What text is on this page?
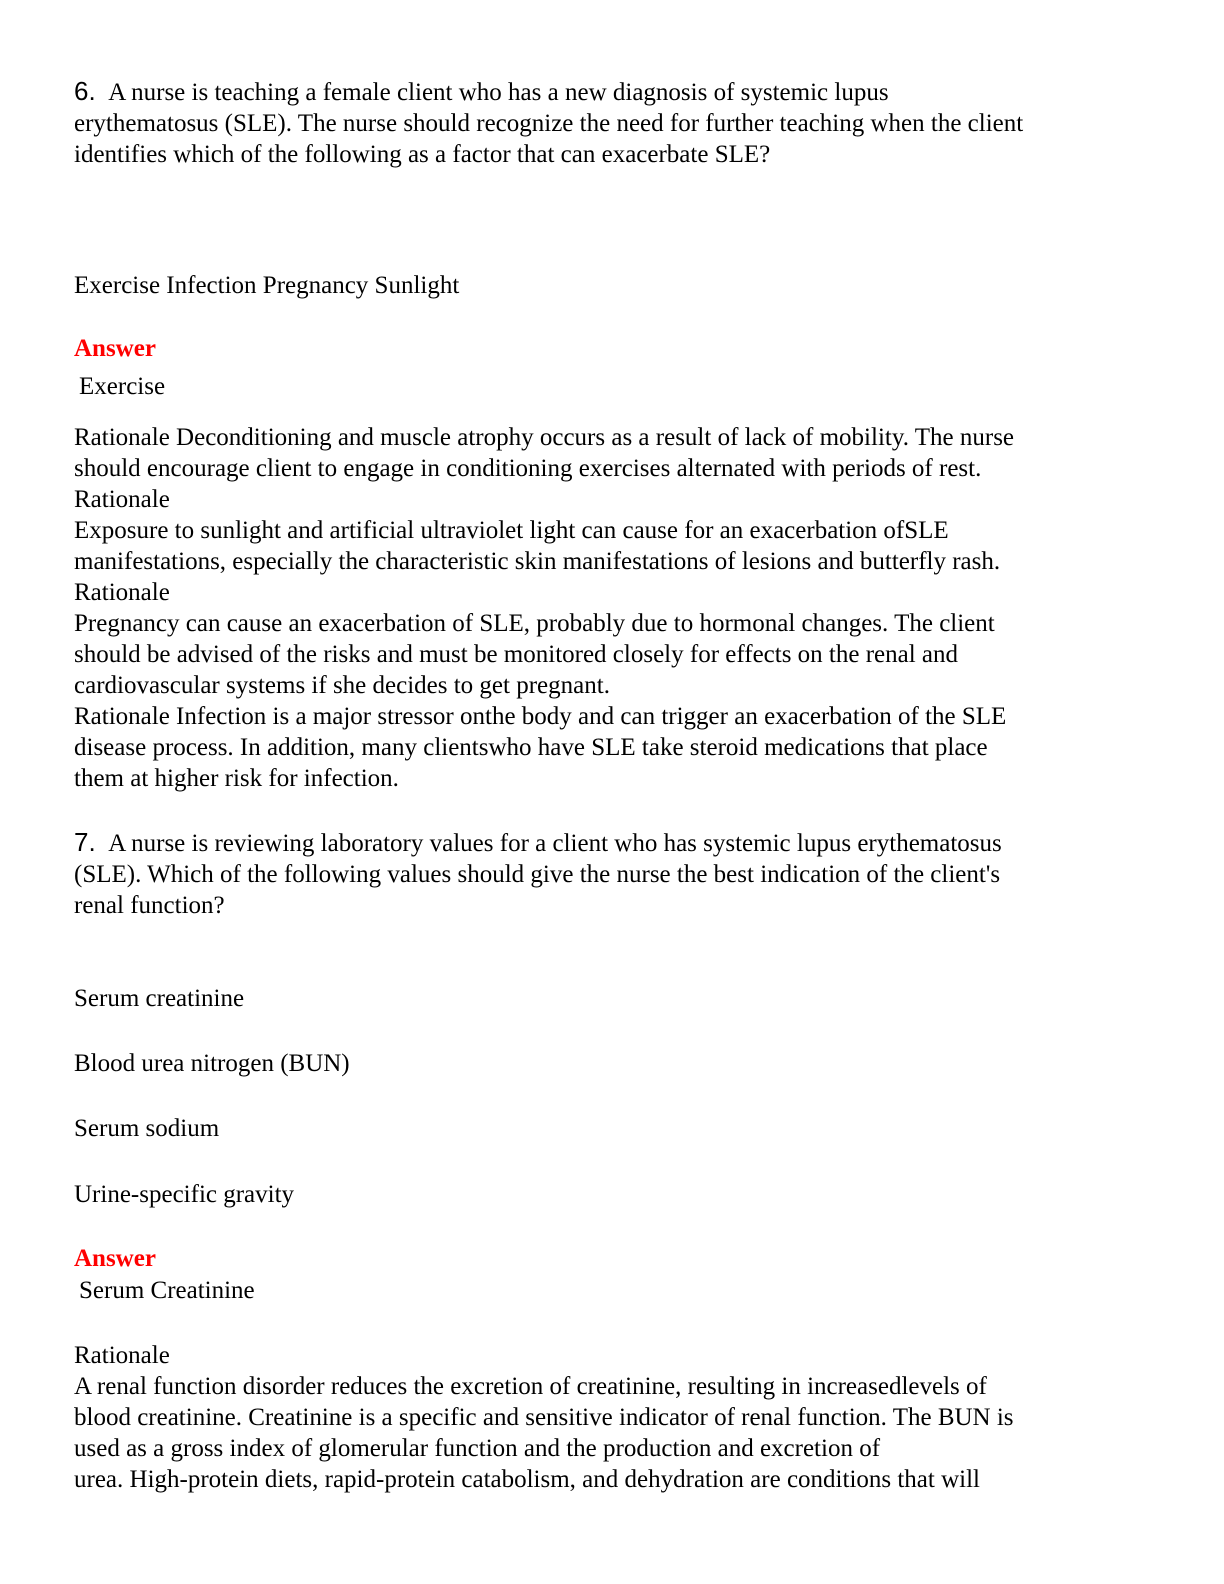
6. A nurse is teaching a female client who has a new diagnosis of systemic lupus
erythematosus (SLE). The nurse should recognize the need for further teaching when the client
identifies which of the following as a factor that can exacerbate SLE?
Exercise Infection Pregnancy Sunlight
Answer
Exercise
Rationale Deconditioning and muscle atrophy occurs as a result of lack of mobility. The nurse
should encourage client to engage in conditioning exercises alternated with periods of rest.
Rationale
Exposure to sunlight and artificial ultraviolet light can cause for an exacerbation ofSLE
manifestations, especially the characteristic skin manifestations of lesions and butterfly rash.
Rationale
Pregnancy can cause an exacerbation of SLE, probably due to hormonal changes. The client
should be advised of the risks and must be monitored closely for effects on the renal and
cardiovascular systems if she decides to get pregnant.
Rationale Infection is a major stressor onthe body and can trigger an exacerbation of the SLE
disease process. In addition, many clientswho have SLE take steroid medications that place
them at higher risk for infection.
7. A nurse is reviewing laboratory values for a client who has systemic lupus erythematosus
(SLE). Which of the following values should give the nurse the best indication of the client's
renal function?
Serum creatinine
Blood urea nitrogen (BUN)
Serum sodium
Urine-specific gravity
Answer
Serum Creatinine
Rationale
A renal function disorder reduces the excretion of creatinine, resulting in increasedlevels of
blood creatinine. Creatinine is a specific and sensitive indicator of renal function. The BUN is
used as a gross index of glomerular function and the production and excretion of
urea. High-protein diets, rapid-protein catabolism, and dehydration are conditions that will
